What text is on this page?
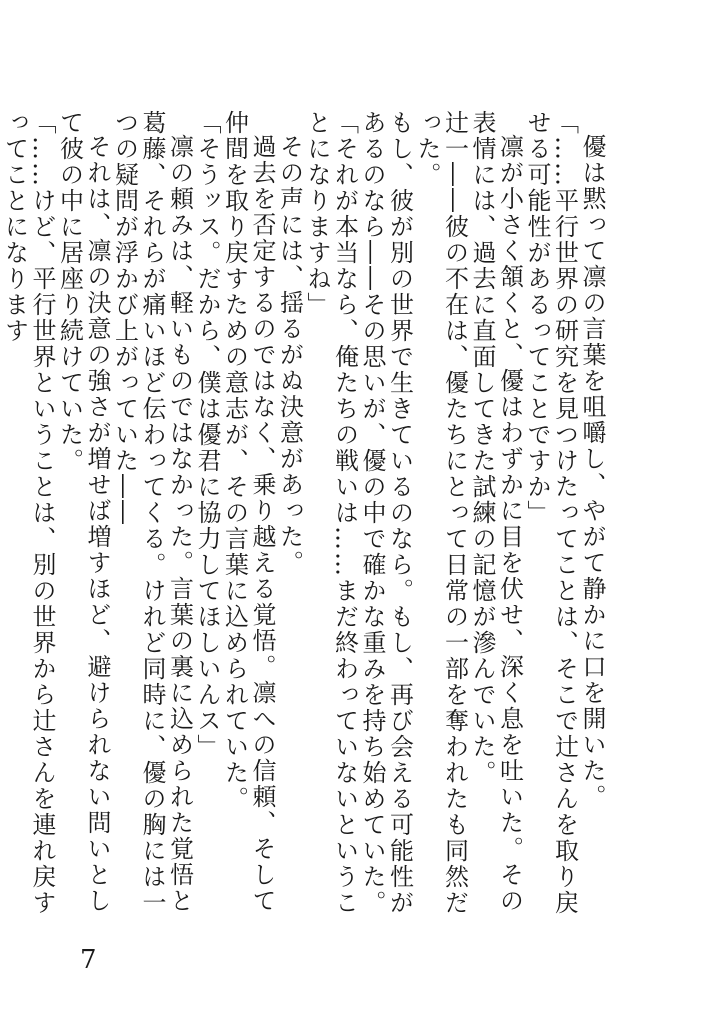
優は黙って凛の言葉を咀嚼し、やがて静かに口を開いた。

「……平行世界の研究を見つけたってことは、そこで辻さんを取り戻せる可能性があるってことですか」

凛が小さく頷くと、優はわずかに目を伏せ、深く息を吐いた。その表情には、過去に直面してきた試練の記憶が滲んでいた。

辻一――彼の不在は、優たちにとって日常の一部を奪われたも同然だった。

もし、彼が別の世界で生きているのなら。もし、再び会える可能性があるのなら――その思いが、優の中で確かな重みを持ち始めていた。

「それが本当なら、俺たちの戦いは……まだ終わっていないということになりますね」

その声には、揺るがぬ決意があった。

過去を否定するのではなく、乗り越える覚悟。凛への信頼、そして仲間を取り戻すための意志が、その言葉に込められていた。

「そうッス。だから、僕は優君に協力してほしいんス」

凛の頼みは、軽いものではなかった。言葉の裏に込められた覚悟と葛藤、それらが痛いほど伝わってくる。けれど同時に、優の胸には一つの疑問が浮かび上がっていた――

それは、凛の決意の強さが増せば増すほど、避けられない問いとして彼の中に居座り続けていた。

「……けど、平行世界ということは、別の世界から辻さんを連れ戻すってことになります

7
